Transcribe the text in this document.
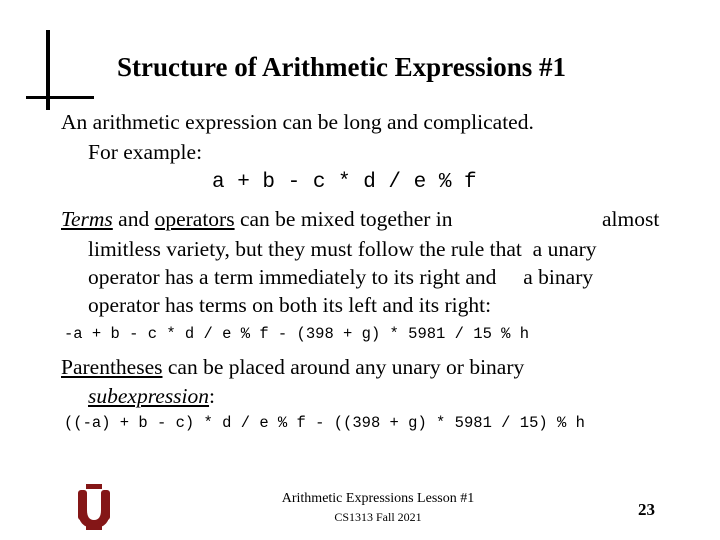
Structure of Arithmetic Expressions #1
An arithmetic expression can be long and complicated.
For example:
a + b - c * d / e % f
Terms and operators can be mixed together in	almost
limitless variety, but they must follow the rule that  a unary
operator has a term immediately to its right and     a binary
operator has terms on both its left and its right:
-a + b - c * d / e % f - (398 + g) * 5981 / 15 % h
Parentheses can be placed around any unary or binary
subexpression:
((-a) + b - c) * d / e % f - ((398 + g) * 5981 / 15) % h
Arithmetic Expressions Lesson #1
CS1313 Fall 2021	23
